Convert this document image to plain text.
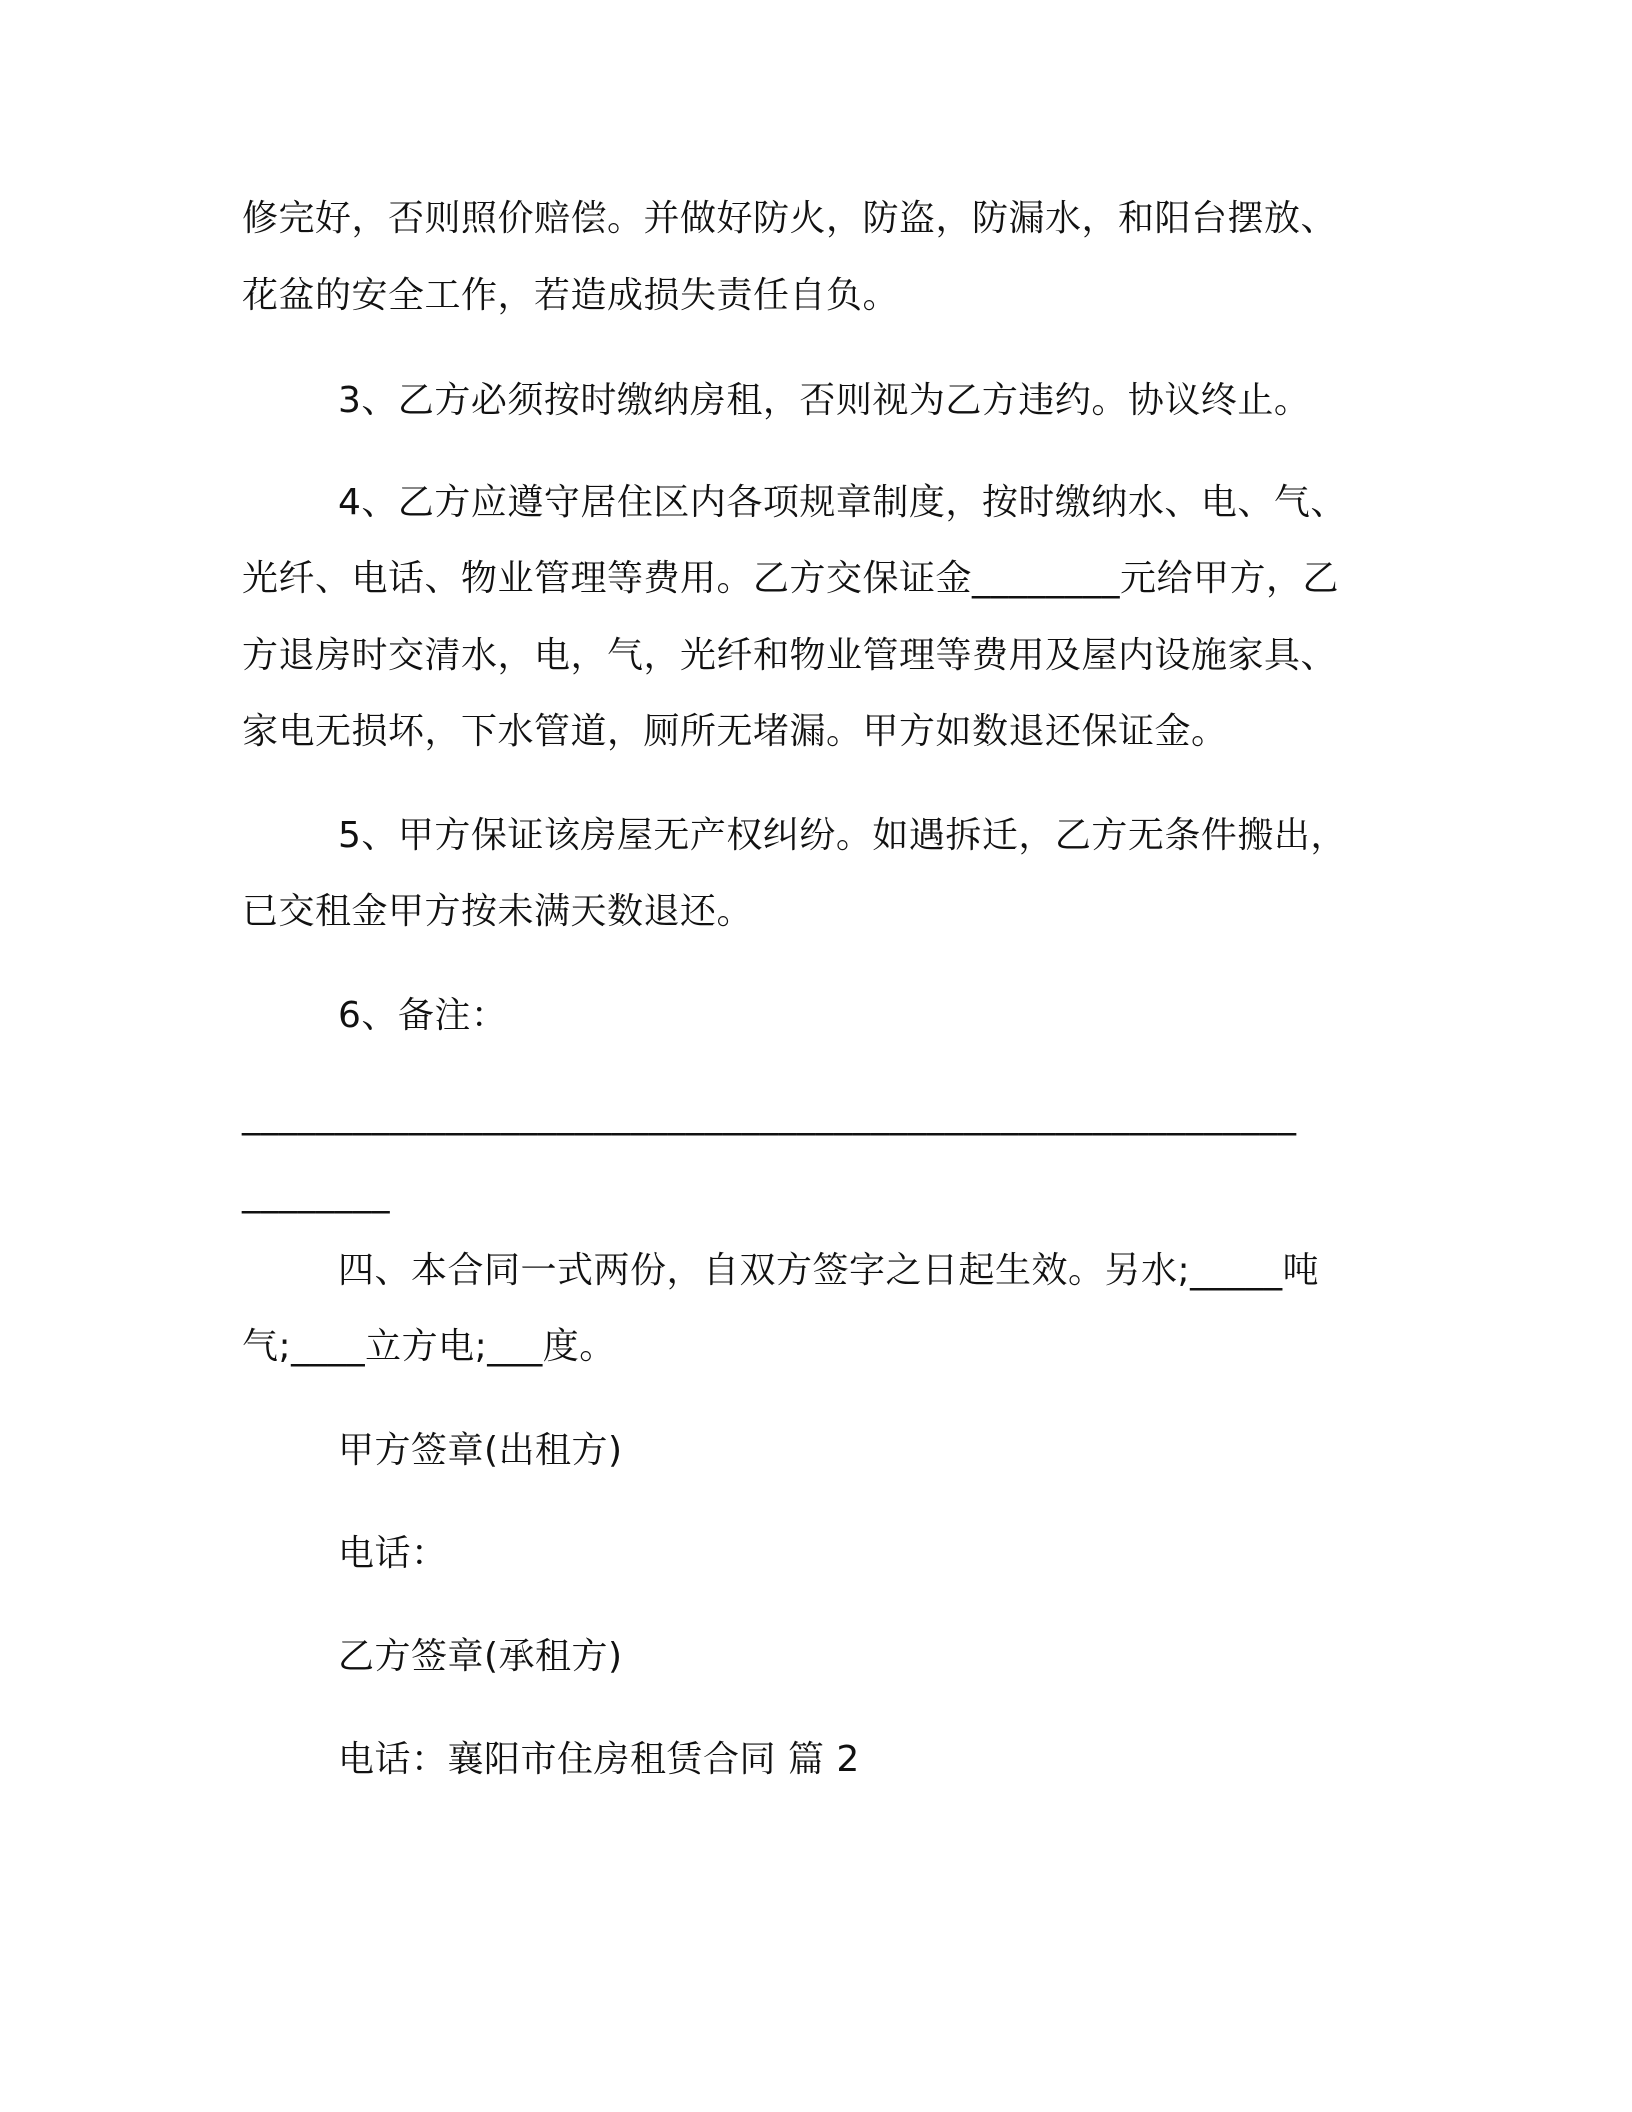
修完好，否则照价赔偿。并做好防火，防盗，防漏水，和阳台摆放、

花盆的安全工作，若造成损失责任自负。

3、乙方必须按时缴纳房租，否则视为乙方违约。协议终止。

4、乙方应遵守居住区内各项规章制度，按时缴纳水、电、气、

光纤、电话、物业管理等费用。乙方交保证金________元给甲方，乙

方退房时交清水，电，气，光纤和物业管理等费用及屋内设施家具、

家电无损坏，下水管道，厕所无堵漏。甲方如数退还保证金。

5、甲方保证该房屋无产权纠纷。如遇拆迁，乙方无条件搬出，

已交租金甲方按未满天数退还。

6、备注：

_________________________________________________________

________

四、本合同一式两份，自双方签字之日起生效。另水;_____吨

气;____立方电;___度。

甲方签章(出租方)

电话：

乙方签章(承租方)

电话：襄阳市住房租赁合同 篇 2
